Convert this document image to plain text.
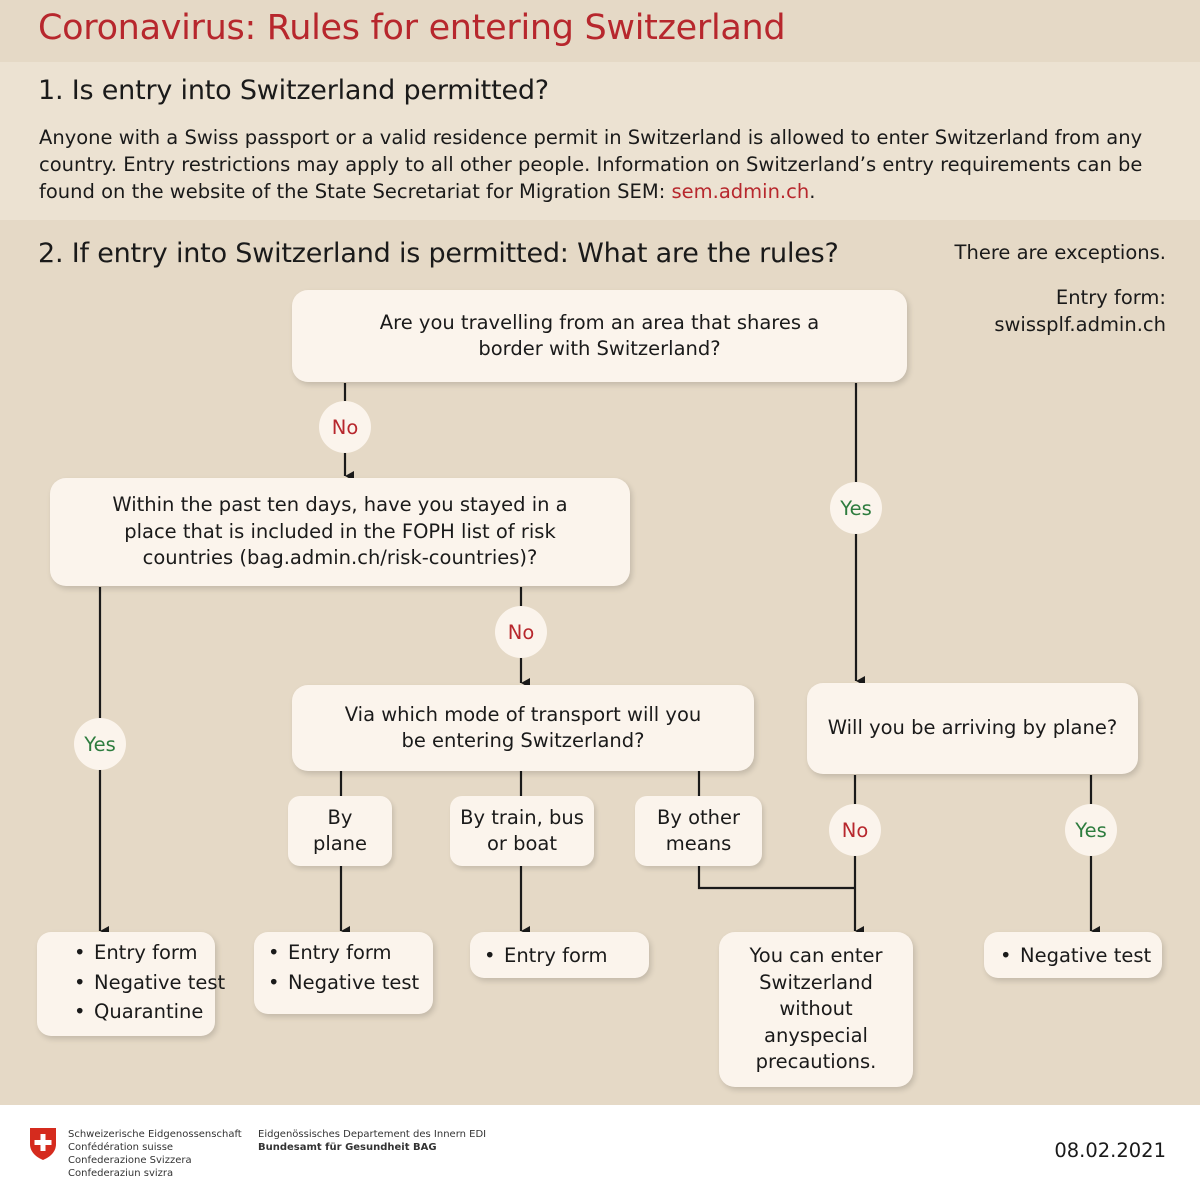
Coronavirus: Rules for entering Switzerland
1. Is entry into Switzerland permitted?
Anyone with a Swiss passport or a valid residence permit in Switzerland is allowed to enter Switzerland from any country. Entry restrictions may apply to all other people. Information on Switzerland’s entry requirements can be found on the website of the State Secretariat for Migration SEM: sem.admin.ch.
2. If entry into Switzerland is permitted: What are the rules?	There are exceptions.
Entry form:
swissplf.admin.ch
Are you travelling from an area that shares a border with Switzerland?
Within the past ten days, have you stayed in a place that is included in the FOPH list of risk countries (bag.admin.ch/risk-countries)?
Via which mode of transport will you be entering Switzerland?
Will you be arriving by plane?
By plane
By train, bus or boat
By other means
No
Yes
Yes
No
No	Yes
• Entry form
• Negative test
• Quarantine
• Entry form
• Negative test
• Entry form	You can enter Switzerland without anyspecial precautions.
• Negative test
Schweizerische Eidgenossenschaft
Confédération suisse
Confederazione Svizzera
Confederaziun svizra
Eidgenössisches Departement des Innern EDI
Bundesamt für Gesundheit BAG	08.02.2021
